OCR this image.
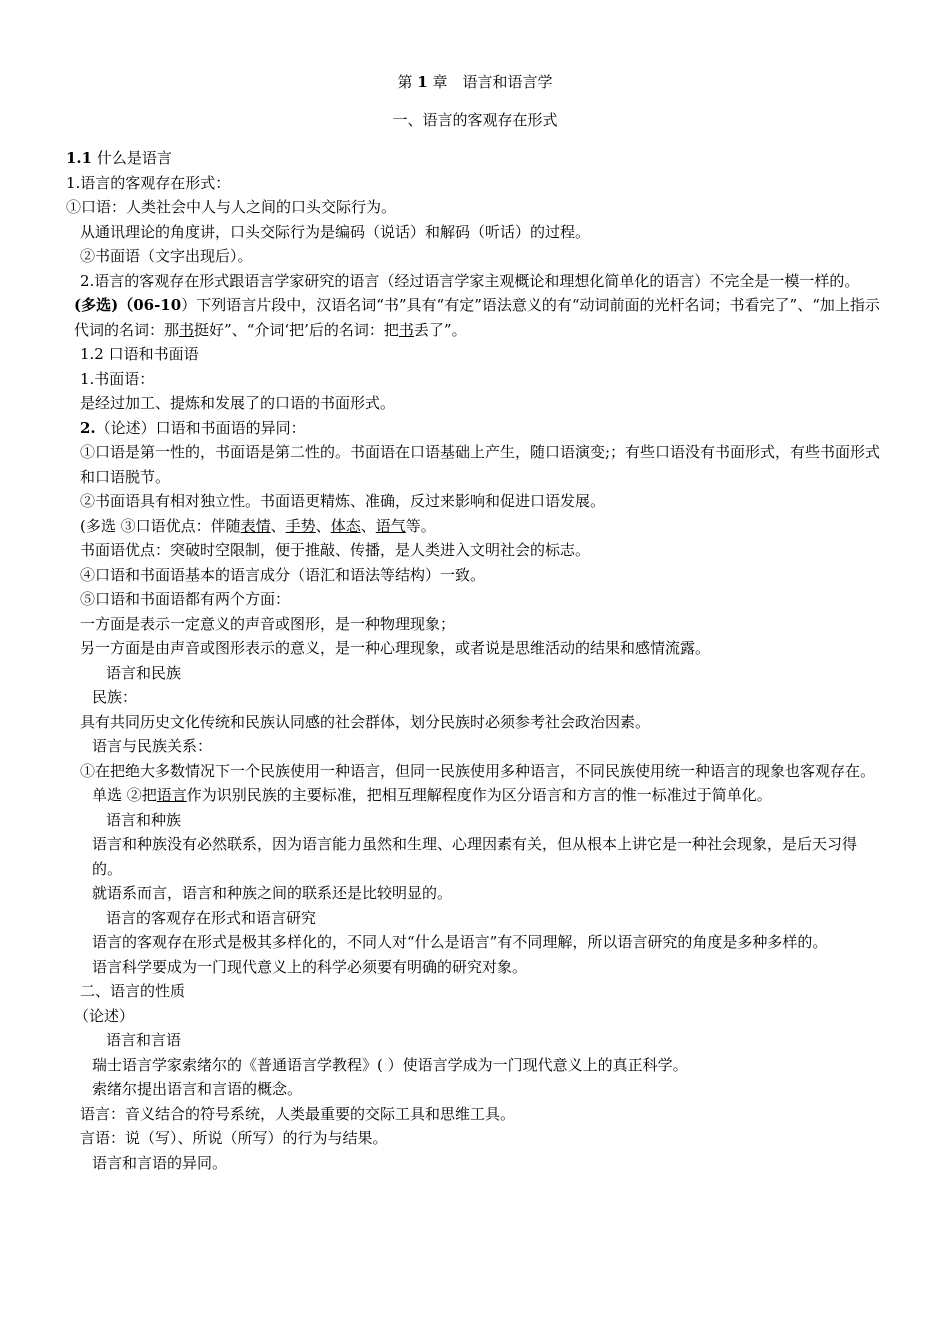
第 1 章　语言和语言学
一、语言的客观存在形式

1.1 什么是语言

1.语言的客观存在形式：

①口语：人类社会中人与人之间的口头交际行为。

从通讯理论的角度讲，口头交际行为是编码（说话）和解码（听话）的过程。

②书面语（文字出现后）。

2.语言的客观存在形式跟语言学家研究的语言（经过语言学家主观概论和理想化简单化的语言）不完全是一模一样的。

(多选)（06-10）下列语言片段中，汉语名词“书”具有“有定”语法意义的有“动词前面的光杆名词；书看完了”、“加上指示代词的名词：那书挺好”、“介词‘把’后的名词：把书丢了”。

1.2 口语和书面语

1.书面语：

是经过加工、提炼和发展了的口语的书面形式。

2.（论述）口语和书面语的异同：

①口语是第一性的，书面语是第二性的。书面语在口语基础上产生，随口语演变;；有些口语没有书面形式，有些书面形式和口语脱节。

②书面语具有相对独立性。书面语更精炼、准确，反过来影响和促进口语发展。

(多选 ③口语优点：伴随表情、手势、体态、语气等。

书面语优点：突破时空限制，便于推敲、传播，是人类进入文明社会的标志。

④口语和书面语基本的语言成分（语汇和语法等结构）一致。

⑤口语和书面语都有两个方面：

一方面是表示一定意义的声音或图形，是一种物理现象；

另一方面是由声音或图形表示的意义，是一种心理现象，或者说是思维活动的结果和感情流露。

语言和民族

民族：

具有共同历史文化传统和民族认同感的社会群体，划分民族时必须参考社会政治因素。

语言与民族关系：

①在把绝大多数情况下一个民族使用一种语言，但同一民族使用多种语言，不同民族使用统一种语言的现象也客观存在。

单选 ②把语言作为识别民族的主要标准，把相互理解程度作为区分语言和方言的惟一标准过于简单化。

语言和种族

语言和种族没有必然联系，因为语言能力虽然和生理、心理因素有关，但从根本上讲它是一种社会现象，是后天习得的。

就语系而言，语言和种族之间的联系还是比较明显的。

语言的客观存在形式和语言研究

语言的客观存在形式是极其多样化的，不同人对“什么是语言”有不同理解，所以语言研究的角度是多种多样的。

语言科学要成为一门现代意义上的科学必须要有明确的研究对象。

二、语言的性质

（论述）

语言和言语

瑞士语言学家索绪尔的《普通语言学教程》( ）使语言学成为一门现代意义上的真正科学。

索绪尔提出语言和言语的概念。

语言：音义结合的符号系统，人类最重要的交际工具和思维工具。

言语：说（写）、所说（所写）的行为与结果。

语言和言语的异同。
